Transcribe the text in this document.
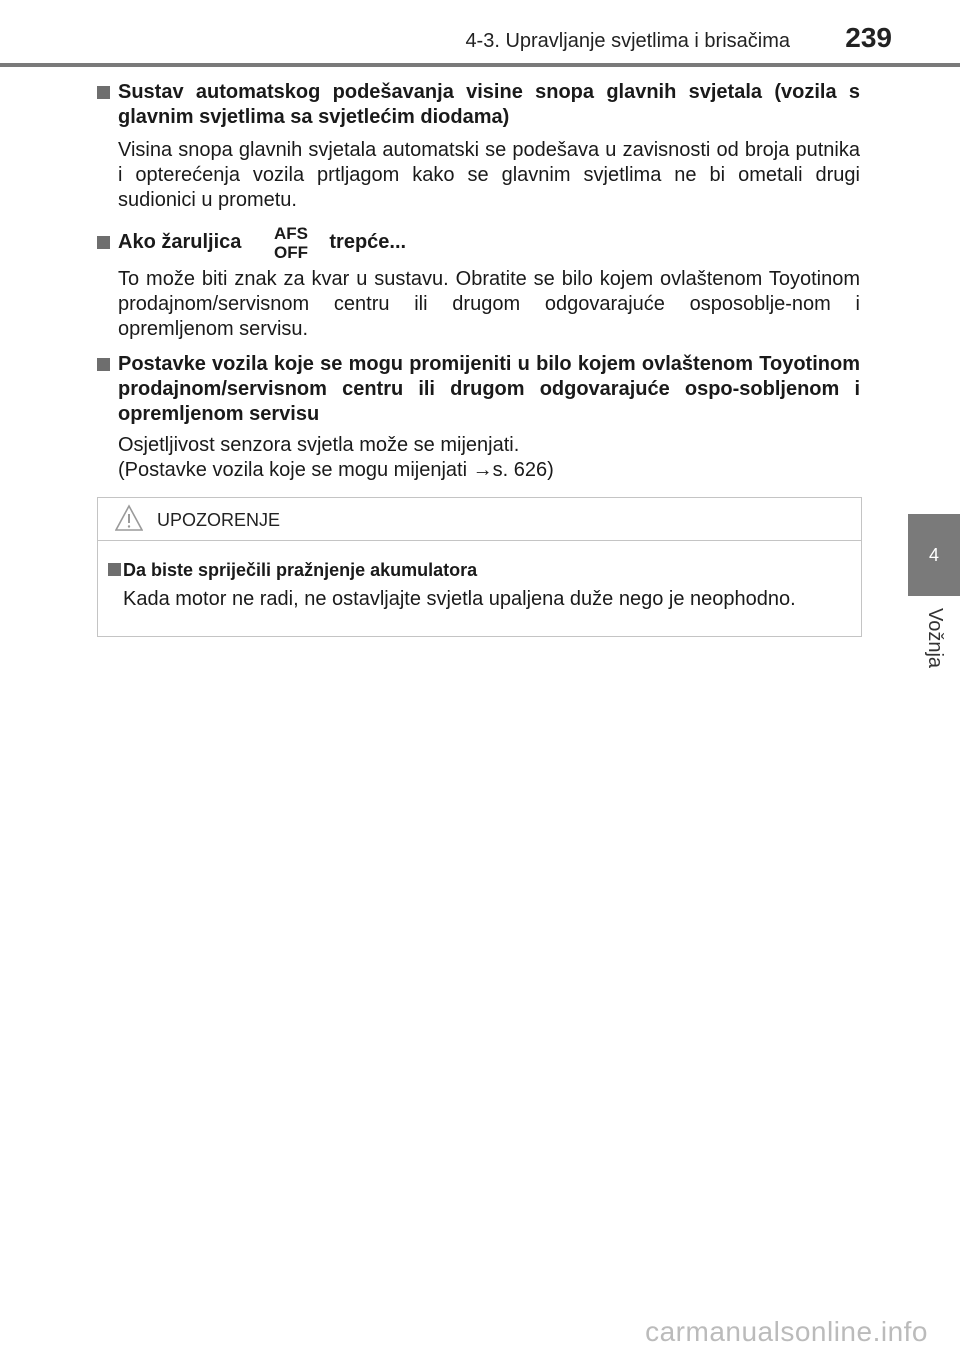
4-3. Upravljanje svjetlima i brisačima 239
4
Vožnja
Sustav automatskog podešavanja visine snopa glavnih svjetala (vozila s glavnim svjetlima sa svjetlećim diodama)
Visina snopa glavnih svjetala automatski se podešava u zavisnosti od broja putnika i opterećenja vozila prtljagom kako se glavnim svjetlima ne bi ometali drugi sudionici u prometu.
Ako žaruljica AFS
OFF trepće...
To može biti znak za kvar u sustavu. Obratite se bilo kojem ovlaštenom Toyotinom prodajnom/servisnom centru ili drugom odgovarajuće osposoblje-nom i opremljenom servisu.
Postavke vozila koje se mogu promijeniti u bilo kojem ovlaštenom Toyotinom prodajnom/servisnom centru ili drugom odgovarajuće ospo-sobljenom i opremljenom servisu
Osjetljivost senzora svjetla može se mijenjati.
(Postavke vozila koje se mogu mijenjati →s. 626)
UPOZORENJE
Da biste spriječili pražnjenje akumulatora
Kada motor ne radi, ne ostavljajte svjetla upaljena duže nego je neophodno.
carmanualsonline.info
